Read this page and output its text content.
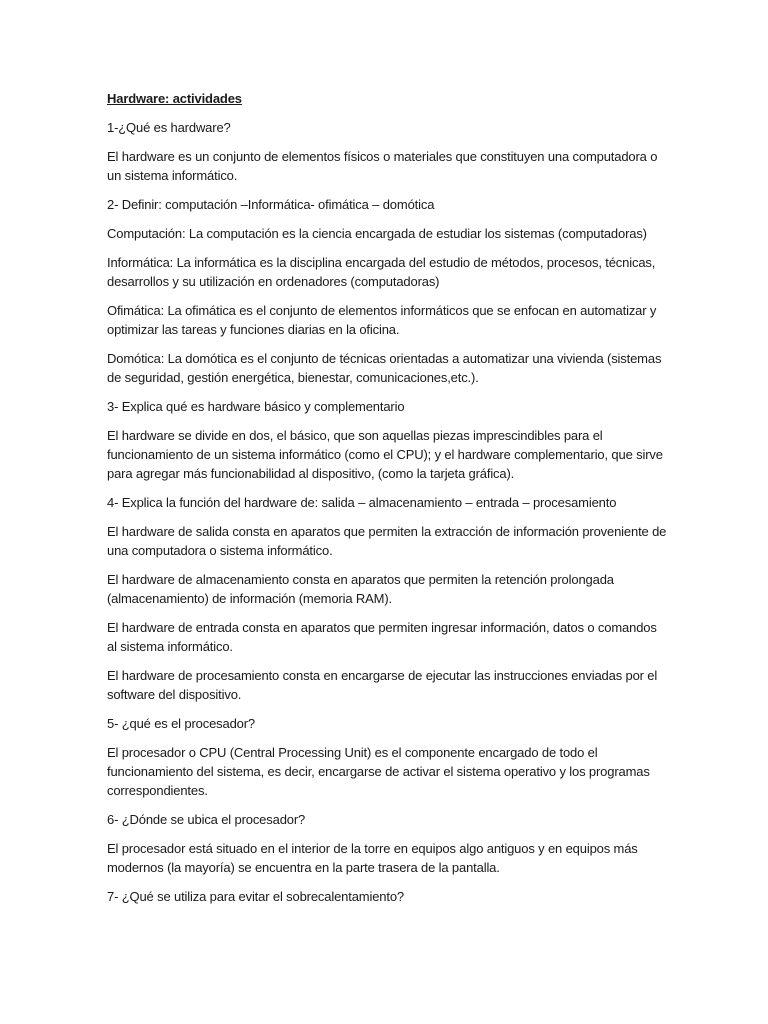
Hardware: actividades

1-¿Qué es hardware?

El hardware es un conjunto de elementos físicos o materiales que constituyen una computadora o un sistema informático.

2- Definir: computación –Informática- ofimática – domótica

Computación: La computación es la ciencia encargada de estudiar los sistemas (computadoras)

Informática: La informática es la disciplina encargada del estudio de métodos, procesos, técnicas, desarrollos y su utilización en ordenadores (computadoras)

Ofimática: La ofimática es el conjunto de elementos informáticos que se enfocan en automatizar y optimizar las tareas y funciones diarias en la oficina.

Domótica: La domótica es el conjunto de técnicas orientadas a automatizar una vivienda (sistemas de seguridad, gestión energética, bienestar, comunicaciones,etc.).

3- Explica qué es hardware básico y complementario

El hardware se divide en dos, el básico, que son aquellas piezas imprescindibles para el funcionamiento de un sistema informático (como el CPU); y el hardware complementario, que sirve para agregar más funcionabilidad al dispositivo, (como la tarjeta gráfica).

4- Explica la función del hardware de: salida – almacenamiento – entrada – procesamiento

El hardware de salida consta en aparatos que permiten la extracción de información proveniente de una computadora o sistema informático.

El hardware de almacenamiento consta en aparatos que permiten la retención prolongada (almacenamiento) de información (memoria RAM).

El hardware de entrada consta en aparatos que permiten ingresar información, datos o comandos al sistema informático.

El hardware de procesamiento consta en encargarse de ejecutar las instrucciones enviadas por el software del dispositivo.

5- ¿qué es el procesador?

El procesador o CPU (Central Processing Unit) es el componente encargado de todo el funcionamiento del sistema, es decir, encargarse de activar el sistema operativo y los programas correspondientes.

6- ¿Dónde se ubica el procesador?

El procesador está situado en el interior de la torre en equipos algo antiguos y en equipos más modernos (la mayoría) se encuentra en la parte trasera de la pantalla.

7- ¿Qué se utiliza para evitar el sobrecalentamiento?
